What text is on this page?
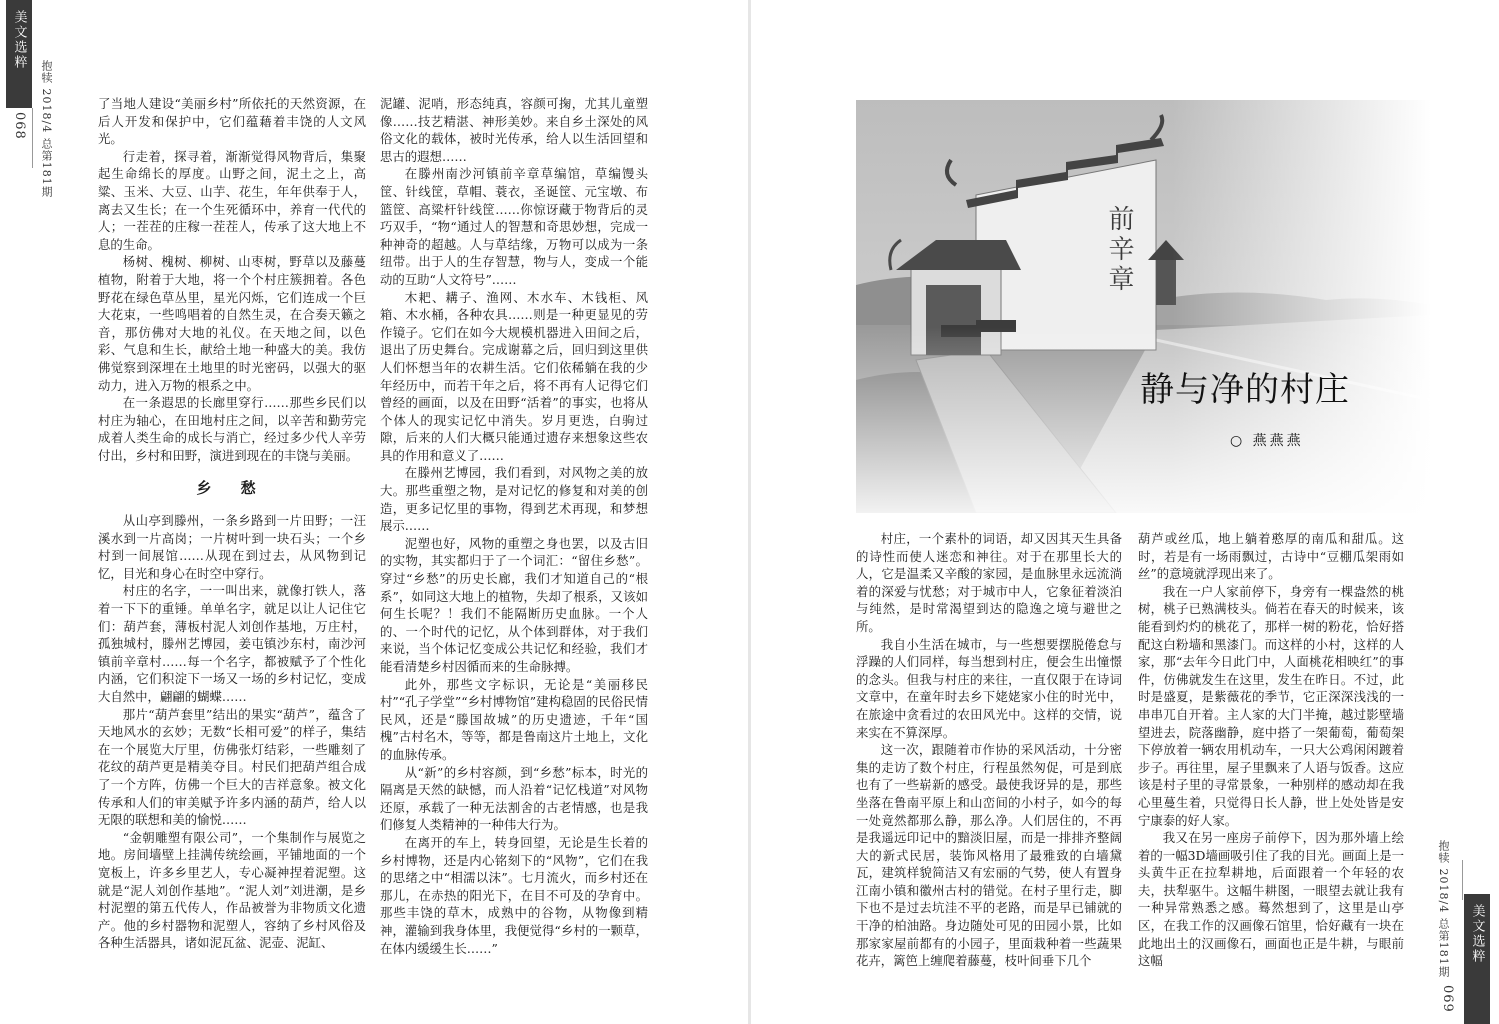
美文选粹
068 抱犊 2018/4 总第181期	了当地人建设“美丽乡村”所依托的天然资源，在后人开发和保护中，它们蕴藉着丰饶的人文风光。

行走着，探寻着，渐渐觉得风物背后，集聚起生命绵长的厚度。山野之间，泥土之上，高粱、玉米、大豆、山芋、花生，年年供奉于人，离去又生长；在一个生死循环中，养育一代代的人；一茬茬的庄稼一茬茬人，传承了这大地上不息的生命。

杨树、槐树、柳树、山枣树，野草以及藤蔓植物，附着于大地，将一个个村庄簇拥着。各色野花在绿色草丛里，星光闪烁，它们连成一个巨大花束，一些鸣唱着的自然生灵，在合奏天籁之音，那仿佛对大地的礼仪。在天地之间，以色彩、气息和生长，献给土地一种盛大的美。我仿佛觉察到深埋在土地里的时光密码，以强大的驱动力，进入万物的根系之中。

在一条遐思的长廊里穿行……那些乡民们以村庄为轴心，在田地村庄之间，以辛苦和勤劳完成着人类生命的成长与消亡，经过多少代人辛劳付出，乡村和田野，演进到现在的丰饶与美丽。

乡 愁

从山亭到滕州，一条乡路到一片田野；一汪溪水到一片高岗；一片树叶到一块石头；一个乡村到一间展馆……从现在到过去，从风物到记忆，目光和身心在时空中穿行。

村庄的名字，一一叫出来，就像打铁人，落着一下下的重锤。单单名字，就足以让人记住它们：葫芦套，薄板村泥人刘创作基地，万庄村，孤独城村，滕州艺博园，姜屯镇沙东村，南沙河镇前辛章村……每一个名字，都被赋予了个性化内涵，它们积淀下一场又一场的乡村记忆，变成大自然中，翩翩的蝴蝶……

那片“葫芦套里”结出的果实“葫芦”，蕴含了天地风水的玄妙；无数“长相可爱”的样子，集结在一个展览大厅里，仿佛张灯结彩，一些雕刻了花纹的葫芦更是精美夺目。村民们把葫芦组合成了一个方阵，仿佛一个巨大的吉祥意象。被文化传承和人们的审美赋予许多内涵的葫芦，给人以无限的联想和美的愉悦……

“金朝雕塑有限公司”，一个集制作与展览之地。房间墙壁上挂满传统绘画，平铺地面的一个宽板上，许多乡里艺人，专心凝神捏着泥塑。这就是“泥人刘创作基地”。“泥人刘”刘进潮，是乡村泥塑的第五代传人，作品被誉为非物质文化遗产。他的乡村器物和泥塑人，容纳了乡村风俗及各种生活器具，诸如泥瓦盆、泥壶、泥缸、

泥罐、泥哨，形态纯真，容颜可掬，尤其儿童塑像……技艺精湛、神形美妙。来自乡土深处的风俗文化的载体，被时光传承，给人以生活回望和思古的遐想……

在滕州南沙河镇前辛章草编馆，草编馒头筐、针线筐，草帽、蓑衣，圣诞筐、元宝墩、布篮筐、高粱杆针线筐……你惊讶藏于物背后的灵巧双手，“物“通过人的智慧和奇思妙想，完成一种神奇的超越。人与草结缘，万物可以成为一条纽带。出于人的生存智慧，物与人，变成一个能动的互助“人文符号”……

木耙、耩子、渔网、木水车、木钱柜、风箱、木水桶，各种农具……则是一种更显见的劳作镜子。它们在如今大规模机器进入田间之后，退出了历史舞台。完成谢幕之后，回归到这里供人们怀想当年的农耕生活。它们依稀躺在我的少年经历中，而若干年之后，将不再有人记得它们曾经的画面，以及在田野“活着”的事实，也将从个体人的现实记忆中消失。岁月更迭，白驹过隙，后来的人们大概只能通过遗存来想象这些农具的作用和意义了……

在滕州艺博园，我们看到，对风物之美的放大。那些重塑之物，是对记忆的修复和对美的创造，更多记忆里的事物，得到艺术再现，和梦想展示……

泥塑也好，风物的重塑之身也罢，以及古旧的实物，其实都归于了一个词汇：“留住乡愁”。穿过“乡愁”的历史长廊，我们才知道自己的“根系”，如同这大地上的植物，失却了根系，又该如何生长呢？！我们不能隔断历史血脉。一个人的、一个时代的记忆，从个体到群体，对于我们来说，当个体记忆变成公共记忆和经验，我们才能看清楚乡村因循而来的生命脉搏。

此外，那些文字标识，无论是“美丽移民村”“孔子学堂”“乡村博物馆”建构稳固的民俗民情民风，还是“滕国故城”的历史遗迹，千年“国槐”古村名木，等等，都是鲁南这片土地上，文化的血脉传承。

从“新”的乡村容颜，到“乡愁”标本，时光的隔离是天然的缺憾，而人沿着“记忆栈道”对风物还原，承载了一种无法割舍的古老情感，也是我们修复人类精神的一种伟大行为。

在离开的车上，转身回望，无论是生长着的乡村博物，还是内心铭刻下的“风物”，它们在我的思绪之中“相濡以沫”。七月流火，而乡村还在那儿，在赤热的阳光下，在目不可及的孕育中。那些丰饶的草木，成熟中的谷物，从物像到精神，灌输到我身体里，我便觉得“乡村的一颗草，在体内缓缓生长……”

村庄，一个素朴的词语，却又因其天生具备的诗性而使人迷恋和神往。对于在那里长大的人，它是温柔又辛酸的家园，是血脉里永远流淌着的深爱与忧愁；对于城市中人，它象征着淡泊与纯然，是时常渴望到达的隐逸之境与避世之所。

我自小生活在城市，与一些想要摆脱倦怠与浮躁的人们同样，每当想到村庄，便会生出憧憬的念头。但我与村庄的来往，一直仅限于在诗词文章中，在童年时去乡下姥姥家小住的时光中，在旅途中贪看过的农田风光中。这样的交情，说来实在不算深厚。

这一次，跟随着市作协的采风活动，十分密集的走访了数个村庄，行程虽然匆促，可是到底也有了一些崭新的感受。最使我讶异的是，那些坐落在鲁南平原上和山峦间的小村子，如今的每一处竟然都那么静，那么净。人们居住的，不再是我遥远印记中的黯淡旧屋，而是一排排齐整阔大的新式民居，装饰风格用了最雅致的白墙黛瓦，建筑样貌简洁又有宏丽的气势，使人有置身江南小镇和徽州古村的错觉。在村子里行走，脚下也不是过去坑洼不平的老路，而是早已铺就的干净的柏油路。身边随处可见的田园小景，比如那家家屋前都有的小园子，里面栽种着一些蔬果花卉，篱笆上缠爬着藤蔓，枝叶间垂下几个

葫芦或丝瓜，地上躺着憨厚的南瓜和甜瓜。这时，若是有一场雨飘过，古诗中“豆棚瓜架雨如丝”的意境就浮现出来了。

我在一户人家前停下，身旁有一棵盎然的桃树，桃子已熟满枝头。倘若在春天的时候来，该能看到灼灼的桃花了，那样一树的粉花，恰好搭配这白粉墙和黑漆门。而这样的小村，这样的人家，那“去年今日此门中，人面桃花相映红”的事件，仿佛就发生在这里，发生在昨日。不过，此时是盛夏，是紫薇花的季节，它正深深浅浅的一串串兀自开着。主人家的大门半掩，越过影壁墙望进去，院落幽静，庭中搭了一架葡萄，葡萄架下停放着一辆农用机动车，一只大公鸡闲闲踱着步子。再往里，屋子里飘来了人语与饭香。这应该是村子里的寻常景象，一种别样的感动却在我心里蔓生着，只觉得日长人静，世上处处皆是安宁康泰的好人家。

我又在另一座房子前停下，因为那外墙上绘着的一幅3D墙画吸引住了我的目光。画面上是一头黄牛正在拉犁耕地，后面跟着一个年轻的农夫，扶犁驱牛。这幅牛耕图，一眼望去就让我有一种异常熟悉之感。蓦然想到了，这里是山亭区，在我工作的汉画像石馆里，恰好藏有一块在此地出土的汉画像石，画面也正是牛耕，与眼前这幅	抱犊 2018/4 总第181期	美文选粹
069
前辛章
静与净的村庄
○ 燕燕燕
